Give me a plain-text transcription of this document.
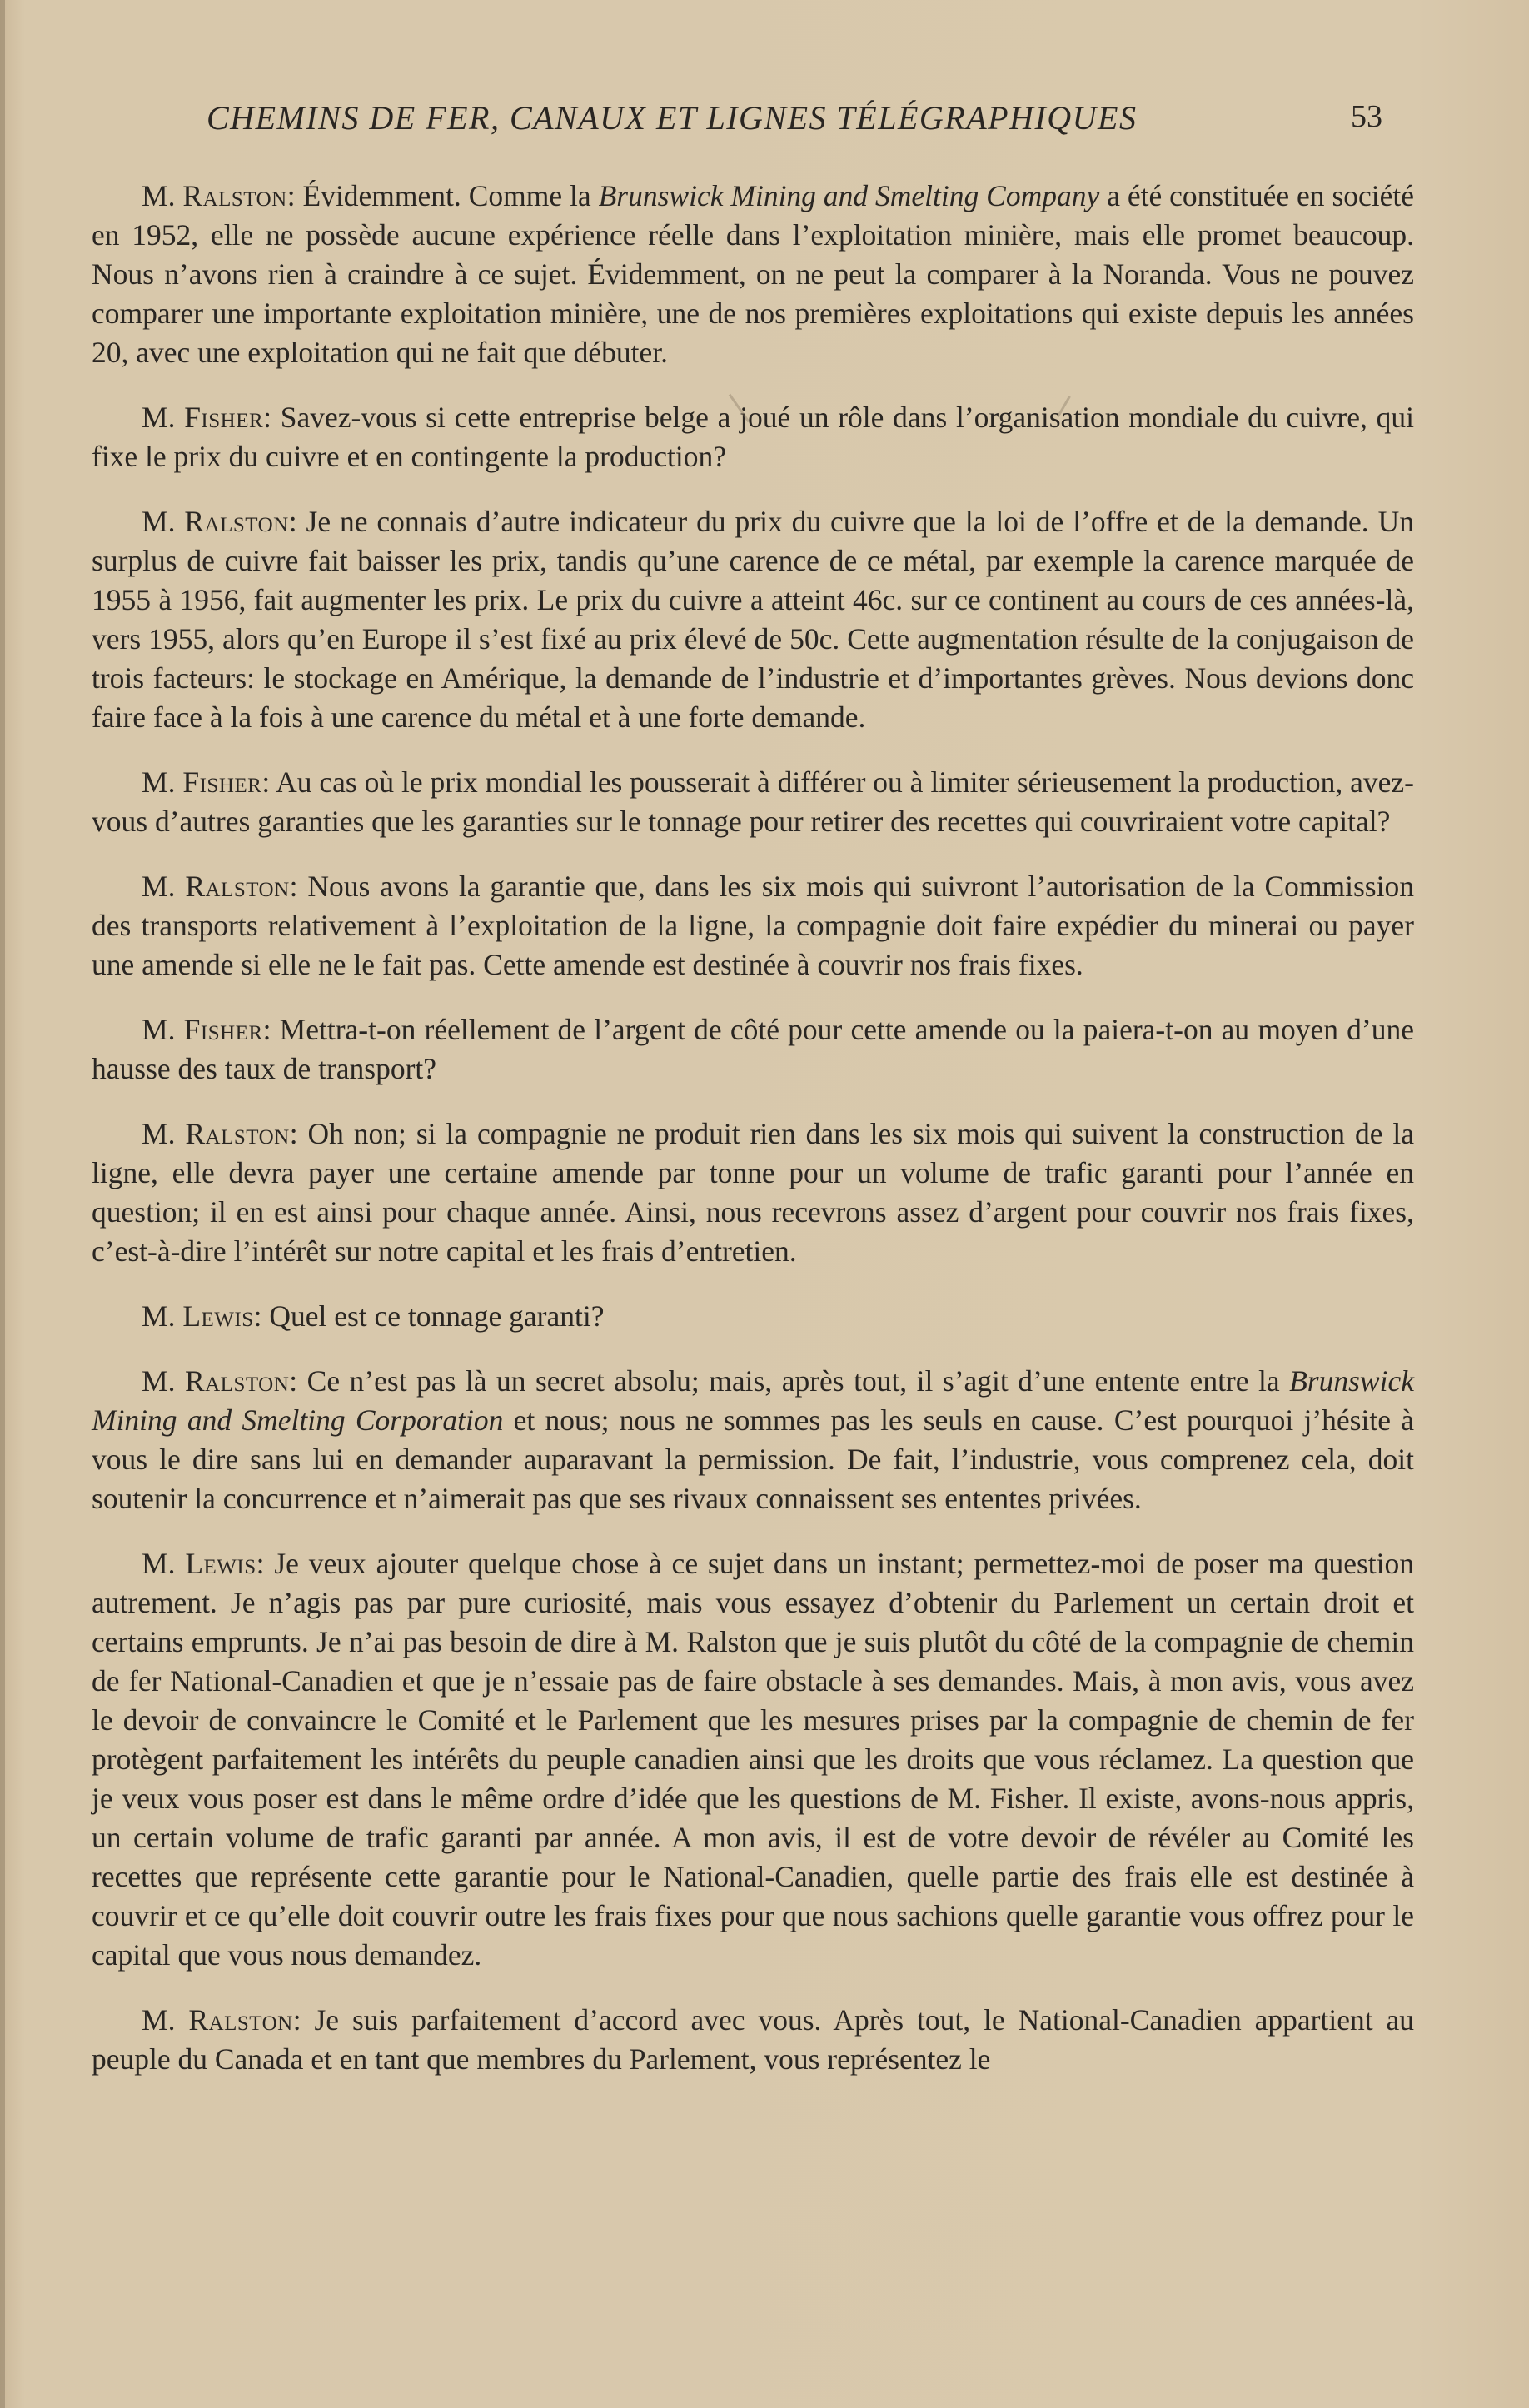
CHEMINS DE FER, CANAUX ET LIGNES TÉLÉGRAPHIQUES	53

M. Ralston: Évidemment. Comme la Brunswick Mining and Smelting Company a été constituée en société en 1952, elle ne possède aucune expérience réelle dans l’exploitation minière, mais elle promet beaucoup. Nous n’avons rien à craindre à ce sujet. Évidemment, on ne peut la comparer à la Noranda. Vous ne pouvez comparer une importante exploitation minière, une de nos premières exploitations qui existe depuis les années 20, avec une exploitation qui ne fait que débuter.

M. Fisher: Savez-vous si cette entreprise belge a joué un rôle dans l’organisation mondiale du cuivre, qui fixe le prix du cuivre et en contingente la production?

M. Ralston: Je ne connais d’autre indicateur du prix du cuivre que la loi de l’offre et de la demande. Un surplus de cuivre fait baisser les prix, tandis qu’une carence de ce métal, par exemple la carence marquée de 1955 à 1956, fait augmenter les prix. Le prix du cuivre a atteint 46c. sur ce continent au cours de ces années-là, vers 1955, alors qu’en Europe il s’est fixé au prix élevé de 50c. Cette augmentation résulte de la conjugaison de trois facteurs: le stockage en Amérique, la demande de l’industrie et d’importantes grèves. Nous devions donc faire face à la fois à une carence du métal et à une forte demande.

M. Fisher: Au cas où le prix mondial les pousserait à différer ou à limiter sérieusement la production, avez-vous d’autres garanties que les garanties sur le tonnage pour retirer des recettes qui couvriraient votre capital?

M. Ralston: Nous avons la garantie que, dans les six mois qui suivront l’autorisation de la Commission des transports relativement à l’exploitation de la ligne, la compagnie doit faire expédier du minerai ou payer une amende si elle ne le fait pas. Cette amende est destinée à couvrir nos frais fixes.

M. Fisher: Mettra-t-on réellement de l’argent de côté pour cette amende ou la paiera-t-on au moyen d’une hausse des taux de transport?

M. Ralston: Oh non; si la compagnie ne produit rien dans les six mois qui suivent la construction de la ligne, elle devra payer une certaine amende par tonne pour un volume de trafic garanti pour l’année en question; il en est ainsi pour chaque année. Ainsi, nous recevrons assez d’argent pour couvrir nos frais fixes, c’est-à-dire l’intérêt sur notre capital et les frais d’entretien.

M. Lewis: Quel est ce tonnage garanti?

M. Ralston: Ce n’est pas là un secret absolu; mais, après tout, il s’agit d’une entente entre la Brunswick Mining and Smelting Corporation et nous; nous ne sommes pas les seuls en cause. C’est pourquoi j’hésite à vous le dire sans lui en demander auparavant la permission. De fait, l’industrie, vous comprenez cela, doit soutenir la concurrence et n’aimerait pas que ses rivaux connaissent ses ententes privées.

M. Lewis: Je veux ajouter quelque chose à ce sujet dans un instant; permettez-moi de poser ma question autrement. Je n’agis pas par pure curiosité, mais vous essayez d’obtenir du Parlement un certain droit et certains emprunts. Je n’ai pas besoin de dire à M. Ralston que je suis plutôt du côté de la compagnie de chemin de fer National-Canadien et que je n’essaie pas de faire obstacle à ses demandes. Mais, à mon avis, vous avez le devoir de convaincre le Comité et le Parlement que les mesures prises par la compagnie de chemin de fer protègent parfaitement les intérêts du peuple canadien ainsi que les droits que vous réclamez. La question que je veux vous poser est dans le même ordre d’idée que les questions de M. Fisher. Il existe, avons-nous appris, un certain volume de trafic garanti par année. A mon avis, il est de votre devoir de révéler au Comité les recettes que représente cette garantie pour le National-Canadien, quelle partie des frais elle est destinée à couvrir et ce qu’elle doit couvrir outre les frais fixes pour que nous sachions quelle garantie vous offrez pour le capital que vous nous demandez.

M. Ralston: Je suis parfaitement d’accord avec vous. Après tout, le National-Canadien appartient au peuple du Canada et en tant que membres du Parlement, vous représentez le
